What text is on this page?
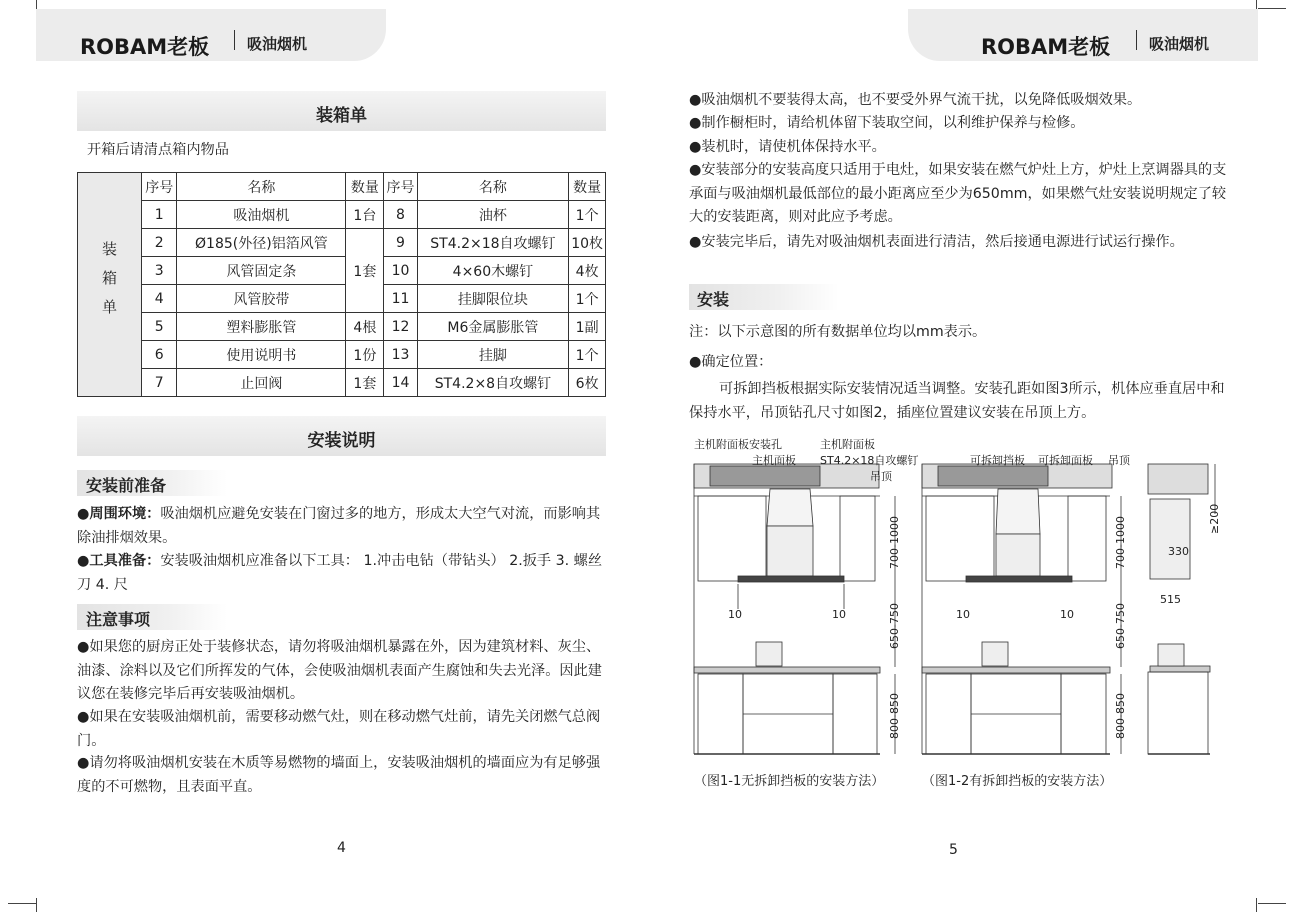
ROBAM老板	吸油烟机	ROBAM老板	吸油烟机
装箱单
开箱后请清点箱内物品
装箱单	序号	名称	数量	序号	名称	数量
	1	吸油烟机	1台	8	油杯	1个
	2	Ø185(外径)铝箔风管	1套	9	ST4.2×18自攻螺钉	10枚
	3	风管固定条		10	4×60木螺钉	4枚
	4	风管胶带		11	挂脚限位块	1个
	5	塑料膨胀管	4根	12	M6金属膨胀管	1副
	6	使用说明书	1份	13	挂脚	1个
	7	止回阀	1套	14	ST4.2×8自攻螺钉	6枚
安装说明
安装前准备
●周围环境：吸油烟机应避免安装在门窗过多的地方，形成太大空气对流，而影响其除油排烟效果。
●工具准备：安装吸油烟机应准备以下工具： 1.冲击电钻（带钻头） 2.扳手 3. 螺丝刀 4. 尺
注意事项
●如果您的厨房正处于装修状态，请勿将吸油烟机暴露在外，因为建筑材料、灰尘、油漆、涂料以及它们所挥发的气体，会使吸油烟机表面产生腐蚀和失去光泽。因此建议您在装修完毕后再安装吸油烟机。
●如果在安装吸油烟机前，需要移动燃气灶，则在移动燃气灶前，请先关闭燃气总阀门。
●请勿将吸油烟机安装在木质等易燃物的墙面上，安装吸油烟机的墙面应为有足够强度的不可燃物，且表面平直。
4
●吸油烟机不要装得太高，也不要受外界气流干扰，以免降低吸烟效果。
●制作橱柜时，请给机体留下装取空间，以利维护保养与检修。
●装机时，请使机体保持水平。
●安装部分的安装高度只适用于电灶，如果安装在燃气炉灶上方，炉灶上烹调器具的支承面与吸油烟机最低部位的最小距离应至少为650mm，如果燃气灶安装说明规定了较大的安装距离，则对此应予考虑。
●安装完毕后，请先对吸油烟机表面进行清洁，然后接通电源进行试运行操作。
安装
注：以下示意图的所有数据单位均以mm表示。
●确定位置：
可拆卸挡板根据实际安装情况适当调整。安装孔距如图3所示，机体应垂直居中和保持水平，吊顶钻孔尺寸如图2，插座位置建议安装在吊顶上方。
主机附面板安装孔	主机附面板
主机面板 ST4.2×18自攻螺钉
吊顶
可拆卸挡板 可拆卸面板 吊顶
10	10	10	10
700-1000
650-750
800-850
700-1000
650-750
800-850
≥200
330
515
（图1-1无拆卸挡板的安装方法）	（图1-2有拆卸挡板的安装方法）
5
